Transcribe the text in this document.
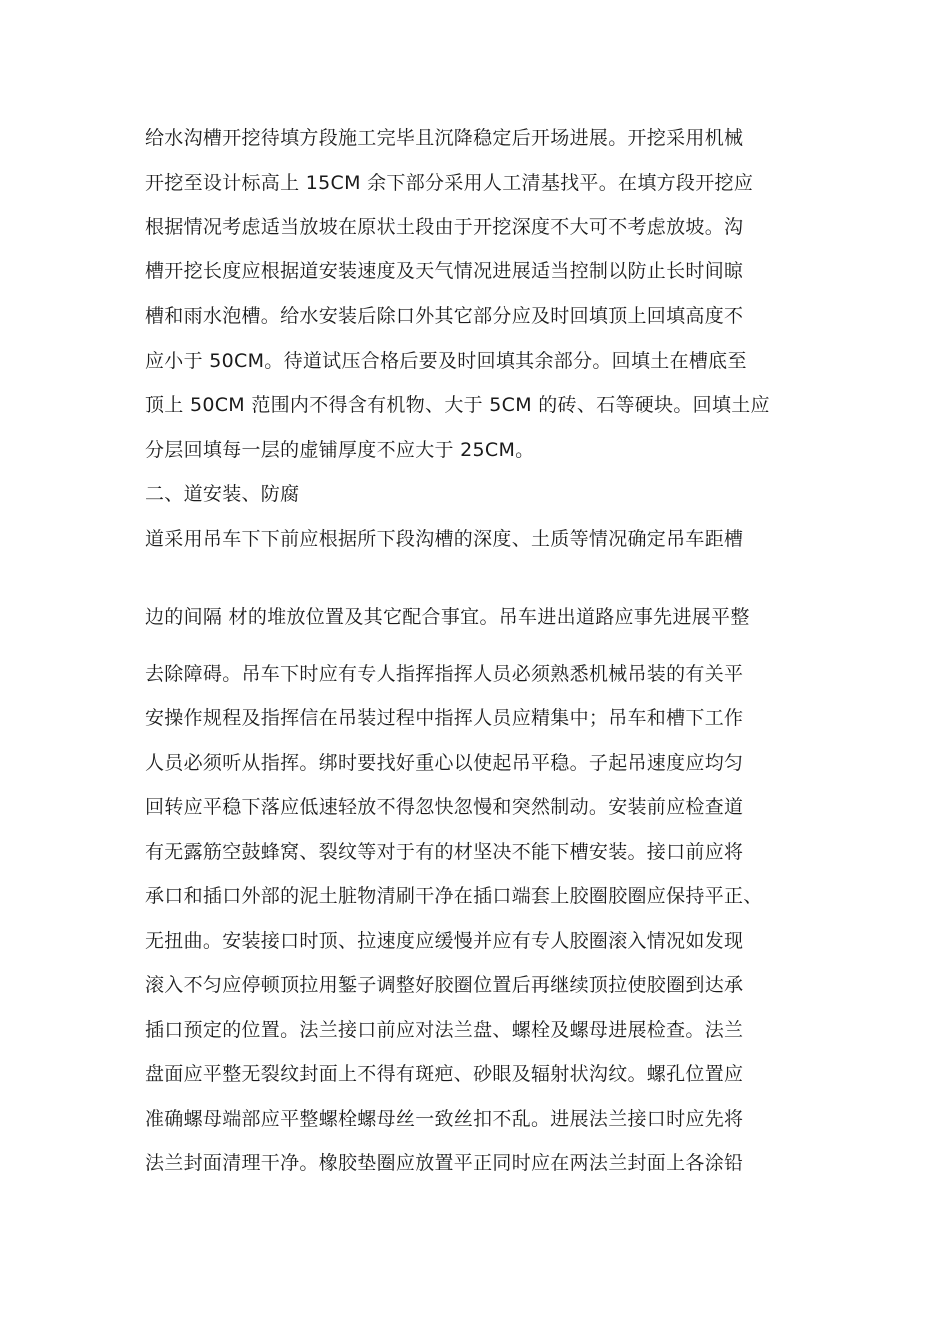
给水沟槽开挖待填方段施工完毕且沉降稳定后开场进展。开挖采用机械
开挖至设计标高上 15CM 余下部分采用人工清基找平。在填方段开挖应
根据情况考虑适当放坡在原状土段由于开挖深度不大可不考虑放坡。沟
槽开挖长度应根据道安装速度及天气情况进展适当控制以防止长时间晾
槽和雨水泡槽。给水安装后除口外其它部分应及时回填顶上回填高度不
应小于 50CM。待道试压合格后要及时回填其余部分。回填土在槽底至
顶上 50CM 范围内不得含有机物、大于 5CM 的砖、石等硬块。回填土应
分层回填每一层的虚铺厚度不应大于 25CM。
二、道安装、防腐
道采用吊车下下前应根据所下段沟槽的深度、土质等情况确定吊车距槽
边的间隔 材的堆放位置及其它配合事宜。吊车进出道路应事先进展平整
去除障碍。吊车下时应有专人指挥指挥人员必须熟悉机械吊装的有关平
安操作规程及指挥信在吊装过程中指挥人员应精集中；吊车和槽下工作
人员必须听从指挥。绑时要找好重心以使起吊平稳。子起吊速度应均匀
回转应平稳下落应低速轻放不得忽快忽慢和突然制动。安装前应检查道
有无露筋空鼓蜂窝、裂纹等对于有的材坚决不能下槽安装。接口前应将
承口和插口外部的泥土脏物清刷干净在插口端套上胶圈胶圈应保持平正、
无扭曲。安装接口时顶、拉速度应缓慢并应有专人胶圈滚入情况如发现
滚入不匀应停顿顶拉用錾子调整好胶圈位置后再继续顶拉使胶圈到达承
插口预定的位置。法兰接口前应对法兰盘、螺栓及螺母进展检查。法兰
盘面应平整无裂纹封面上不得有斑疤、砂眼及辐射状沟纹。螺孔位置应
准确螺母端部应平整螺栓螺母丝一致丝扣不乱。进展法兰接口时应先将
法兰封面清理干净。橡胶垫圈应放置平正同时应在两法兰封面上各涂铅
